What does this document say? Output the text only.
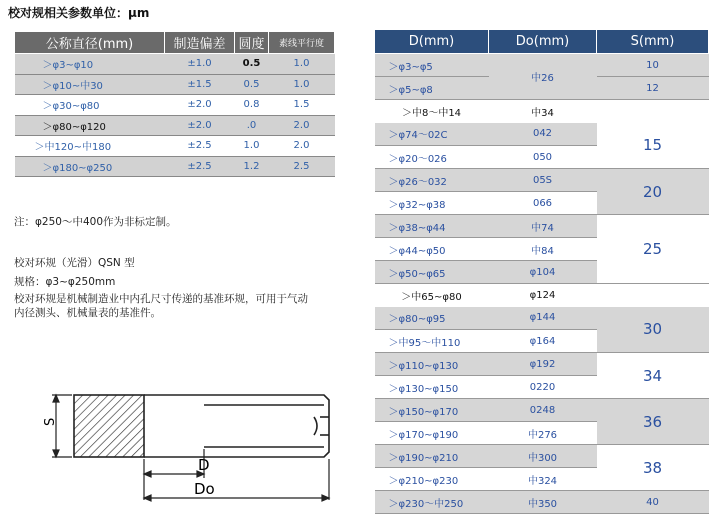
校对规相关参数单位：μm
公称直径(mm)	制造偏差	圆度	素线平行度
＞φ3~φ10	±1.0	0.5	1.0
＞φ10~中30	±1.5	0.5	1.0
＞φ30~φ80	±2.0	0.8	1.5
＞φ80~φ120	±2.0	.0	2.0
＞中120~中180	±2.5	1.0	2.0
＞φ180~φ250	±2.5	1.2	2.5
注：φ250～中400作为非标定制。
校对环规（光滑）QSN 型
规格：φ3~φ250mm
校对环规是机械制造业中内孔尺寸传递的基准环规，可用于气动内径测头、机械量表的基准件。
S
D
Do
D(mm)	Do(mm)	S(mm)
＞φ3~φ5	中26	10
＞φ5~φ8		12
＞中8～中14	中34	
＞φ74～02C	042	15
＞φ20～026	050	
＞φ26～032	05S	20
＞φ32~φ38	066	
＞φ38~φ44	中74	25
＞φ44~φ50	中84	
＞φ50~φ65	φ104	
＞中65~φ80	φ124	
＞φ80~φ95	φ144	30
＞中95～中110	φ164	
＞φ110~φ130	φ192	34
＞φ130~φ150	0220	
＞φ150~φ170	0248	36
＞φ170~φ190	中276	
＞φ190~φ210	中300	38
＞φ210~φ230	中324	
＞φ230～中250	中350	40
